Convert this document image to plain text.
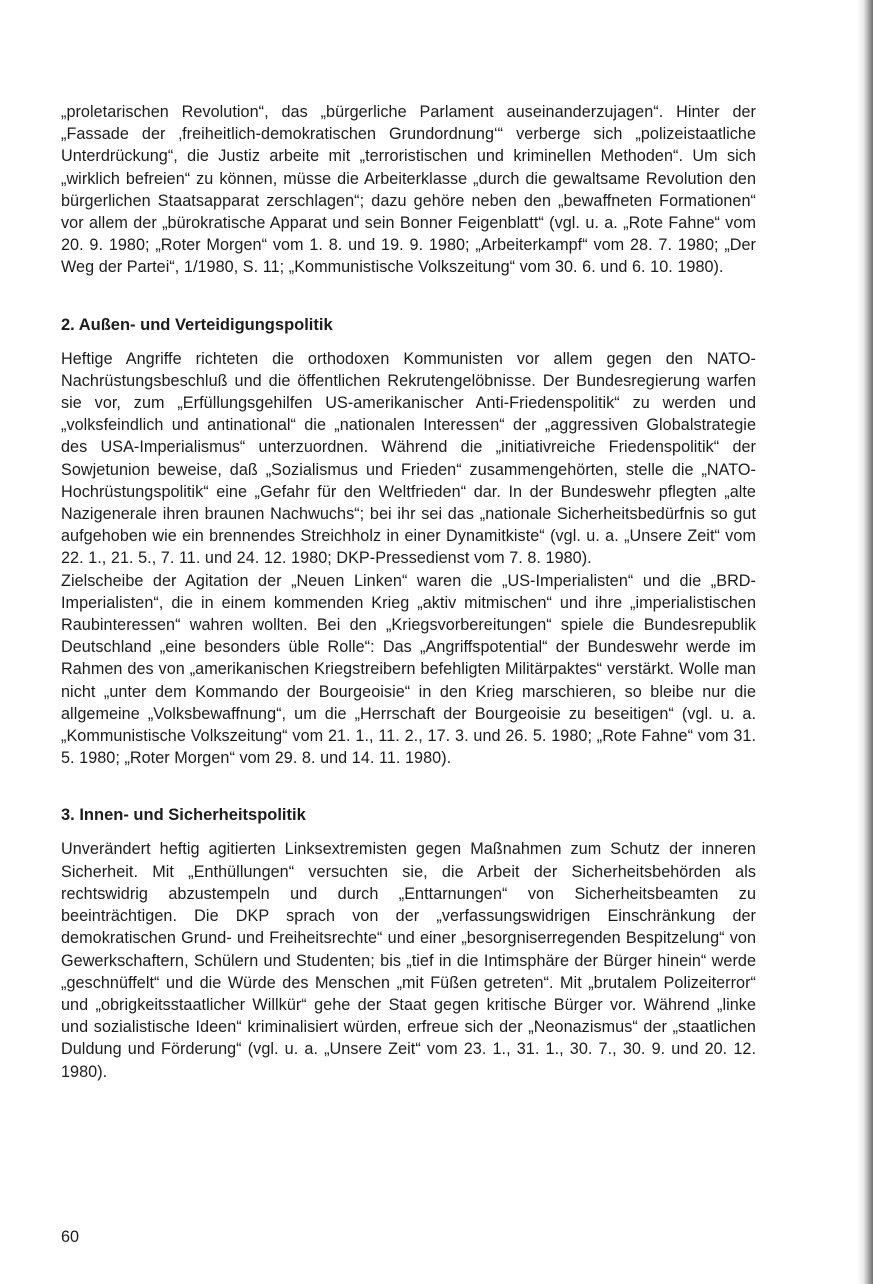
„proletarischen Revolution“, das „bürgerliche Parlament auseinanderzujagen“. Hinter der „Fassade der ‚freiheitlich-demokratischen Grundordnung‘“ verberge sich „polizeistaatliche Unterdrückung“, die Justiz arbeite mit „terroristischen und kriminellen Methoden“. Um sich „wirklich befreien“ zu können, müsse die Arbeiterklasse „durch die gewaltsame Revolution den bürgerlichen Staatsapparat zerschlagen“; dazu gehöre neben den „bewaffneten Formationen“ vor allem der „bürokratische Apparat und sein Bonner Feigenblatt“ (vgl. u. a. „Rote Fahne“ vom 20. 9. 1980; „Roter Morgen“ vom 1. 8. und 19. 9. 1980; „Arbeiterkampf“ vom 28. 7. 1980; „Der Weg der Partei“, 1/1980, S. 11; „Kommunistische Volkszeitung“ vom 30. 6. und 6. 10. 1980).

2. Außen- und Verteidigungspolitik

Heftige Angriffe richteten die orthodoxen Kommunisten vor allem gegen den NATO-Nachrüstungsbeschluß und die öffentlichen Rekrutengelöbnisse. Der Bundesregierung warfen sie vor, zum „Erfüllungsgehilfen US-amerikanischer Anti-Friedenspolitik“ zu werden und „volksfeindlich und antinational“ die „nationalen Interessen“ der „aggressiven Globalstrategie des USA-Imperialismus“ unterzuordnen. Während die „initiativreiche Friedenspolitik“ der Sowjetunion beweise, daß „Sozialismus und Frieden“ zusammengehörten, stelle die „NATO-Hochrüstungspolitik“ eine „Gefahr für den Weltfrieden“ dar. In der Bundeswehr pflegten „alte Nazigenerale ihren braunen Nachwuchs“; bei ihr sei das „nationale Sicherheitsbedürfnis so gut aufgehoben wie ein brennendes Streichholz in einer Dynamitkiste“ (vgl. u. a. „Unsere Zeit“ vom 22. 1., 21. 5., 7. 11. und 24. 12. 1980; DKP-Pressedienst vom 7. 8. 1980).

Zielscheibe der Agitation der „Neuen Linken“ waren die „US-Imperialisten“ und die „BRD-Imperialisten“, die in einem kommenden Krieg „aktiv mitmischen“ und ihre „imperialistischen Raubinteressen“ wahren wollten. Bei den „Kriegsvorbereitungen“ spiele die Bundesrepublik Deutschland „eine besonders üble Rolle“: Das „Angriffspotential“ der Bundeswehr werde im Rahmen des von „amerikanischen Kriegstreibern befehligten Militärpaktes“ verstärkt. Wolle man nicht „unter dem Kommando der Bourgeoisie“ in den Krieg marschieren, so bleibe nur die allgemeine „Volksbewaffnung“, um die „Herrschaft der Bourgeoisie zu beseitigen“ (vgl. u. a. „Kommunistische Volkszeitung“ vom 21. 1., 11. 2., 17. 3. und 26. 5. 1980; „Rote Fahne“ vom 31. 5. 1980; „Roter Morgen“ vom 29. 8. und 14. 11. 1980).

3. Innen- und Sicherheitspolitik

Unverändert heftig agitierten Linksextremisten gegen Maßnahmen zum Schutz der inneren Sicherheit. Mit „Enthüllungen“ versuchten sie, die Arbeit der Sicherheitsbehörden als rechtswidrig abzustempeln und durch „Enttarnungen“ von Sicherheitsbeamten zu beeinträchtigen. Die DKP sprach von der „verfassungswidrigen Einschränkung der demokratischen Grund- und Freiheitsrechte“ und einer „besorgniserregenden Bespitzelung“ von Gewerkschaftern, Schülern und Studenten; bis „tief in die Intimsphäre der Bürger hinein“ werde „geschnüffelt“ und die Würde des Menschen „mit Füßen getreten“. Mit „brutalem Polizeiterror“ und „obrigkeitsstaatlicher Willkür“ gehe der Staat gegen kritische Bürger vor. Während „linke und sozialistische Ideen“ kriminalisiert würden, erfreue sich der „Neonazismus“ der „staatlichen Duldung und Förderung“ (vgl. u. a. „Unsere Zeit“ vom 23. 1., 31. 1., 30. 7., 30. 9. und 20. 12. 1980).

60
